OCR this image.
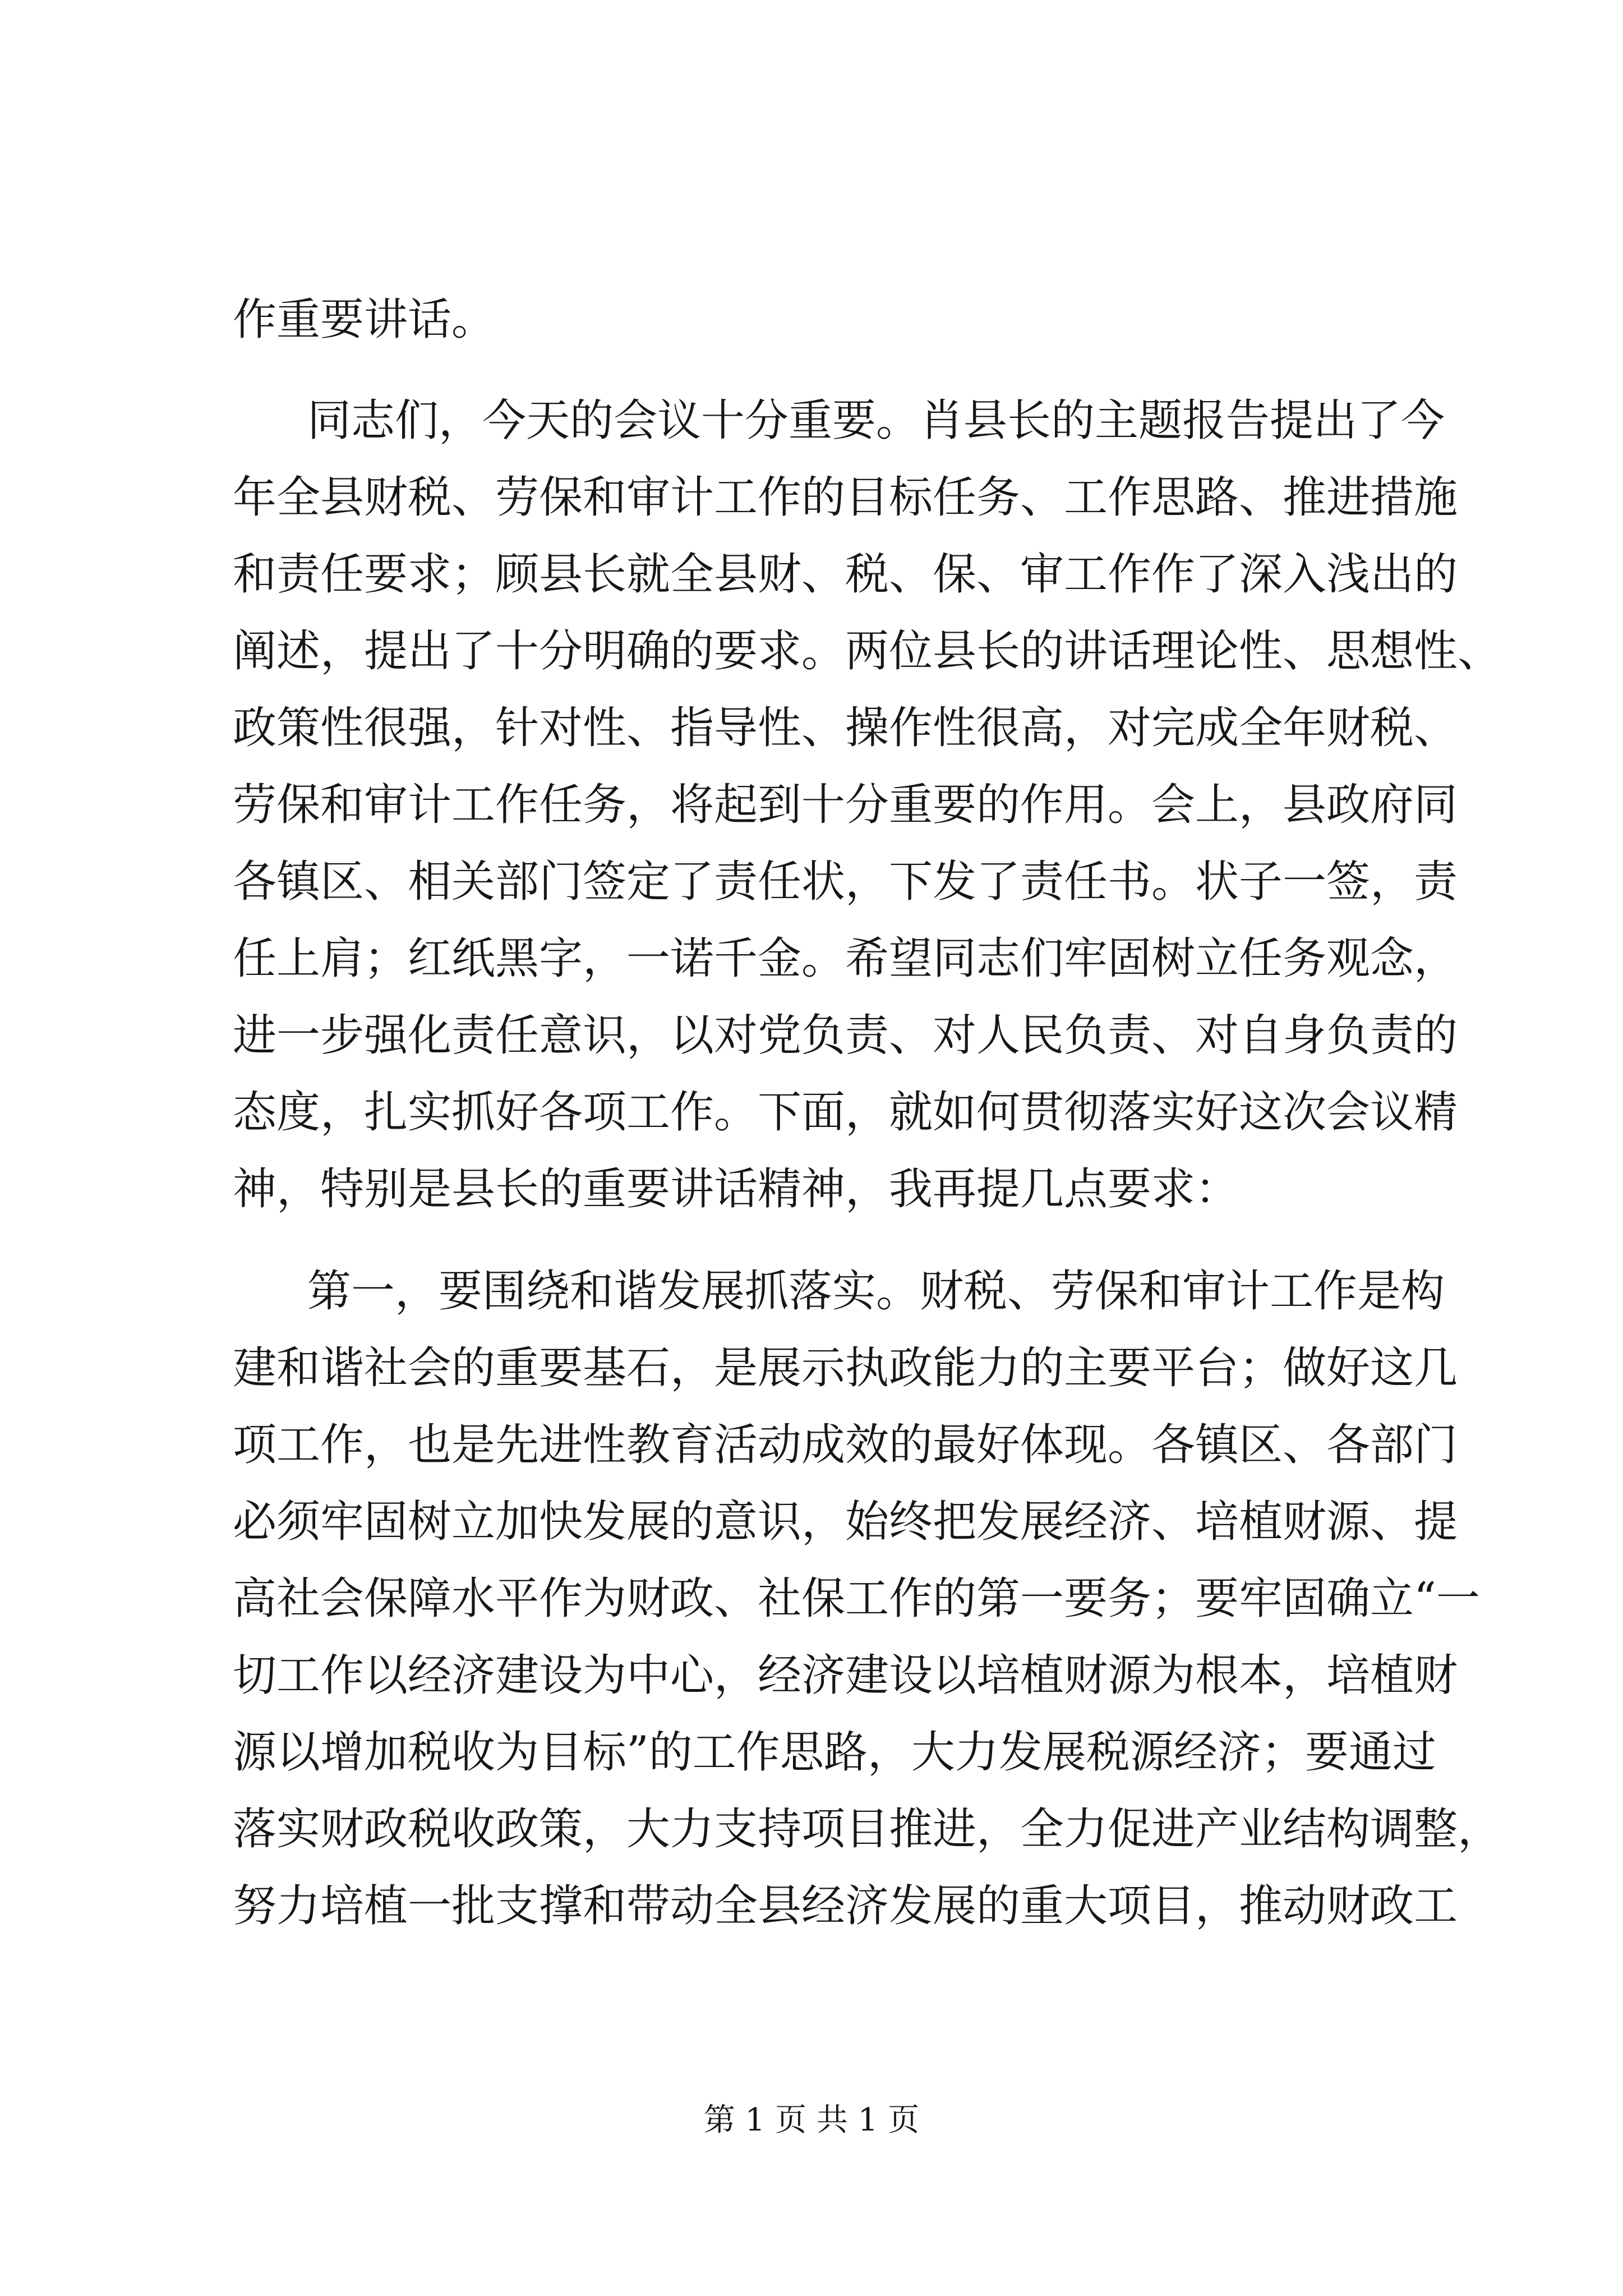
作重要讲话。
同志们，今天的会议十分重要。肖县长的主题报告提出了今
年全县财税、劳保和审计工作的目标任务、工作思路、推进措施
和责任要求；顾县长就全县财、税、保、审工作作了深入浅出的
阐述，提出了十分明确的要求。两位县长的讲话理论性、思想性、
政策性很强，针对性、指导性、操作性很高，对完成全年财税、
劳保和审计工作任务，将起到十分重要的作用。会上，县政府同
各镇区、相关部门签定了责任状，下发了责任书。状子一签，责
任上肩；红纸黑字，一诺千金。希望同志们牢固树立任务观念，
进一步强化责任意识，以对党负责、对人民负责、对自身负责的
态度，扎实抓好各项工作。下面，就如何贯彻落实好这次会议精
神，特别是县长的重要讲话精神，我再提几点要求：
第一，要围绕和谐发展抓落实。财税、劳保和审计工作是构
建和谐社会的重要基石，是展示执政能力的主要平台；做好这几
项工作，也是先进性教育活动成效的最好体现。各镇区、各部门
必须牢固树立加快发展的意识，始终把发展经济、培植财源、提
高社会保障水平作为财政、社保工作的第一要务；要牢固确立“一
切工作以经济建设为中心，经济建设以培植财源为根本，培植财
源以增加税收为目标”的工作思路，大力发展税源经济；要通过
落实财政税收政策，大力支持项目推进，全力促进产业结构调整，
努力培植一批支撑和带动全县经济发展的重大项目，推动财政工
第 1 页 共 1 页
